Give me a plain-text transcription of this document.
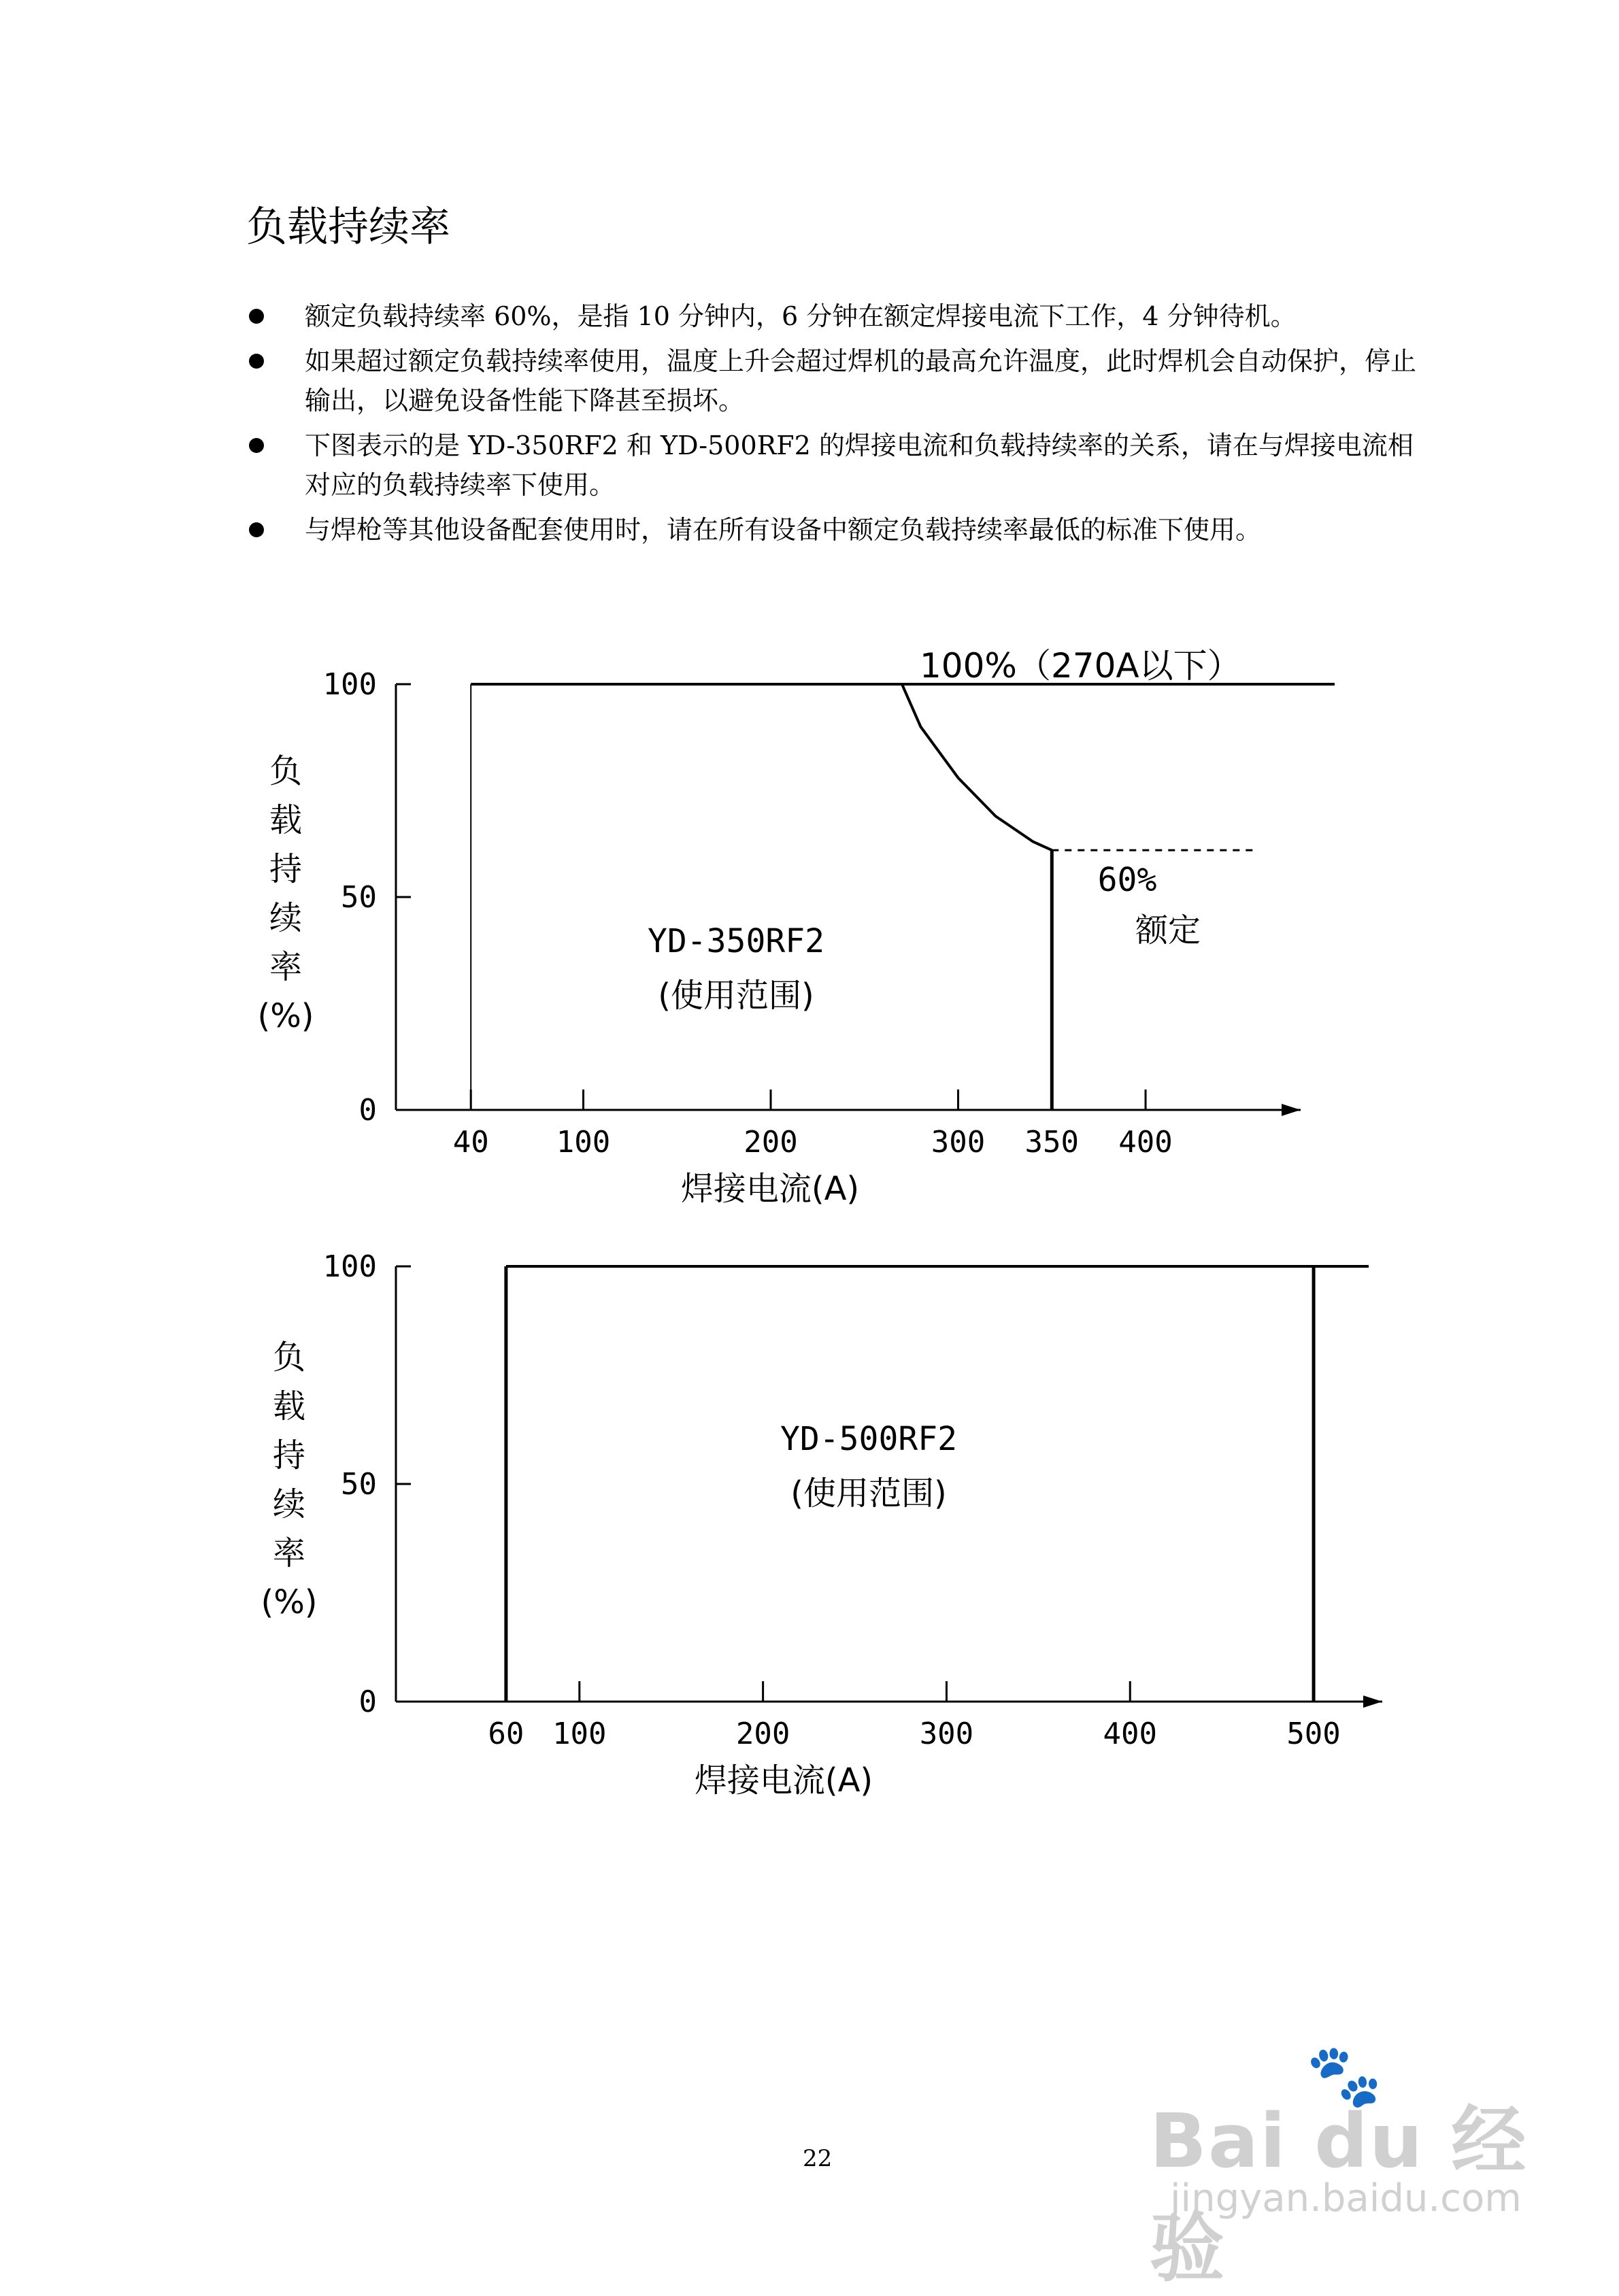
负载持续率
额定负载持续率 60%，是指 10 分钟内，6 分钟在额定焊接电流下工作，4 分钟待机。
如果超过额定负载持续率使用，温度上升会超过焊机的最高允许温度，此时焊机会自动保护，停止输出，以避免设备性能下降甚至损坏。
下图表示的是 YD-350RF2 和 YD-500RF2 的焊接电流和负载持续率的关系，请在与焊接电流相对应的负载持续率下使用。
与焊枪等其他设备配套使用时，请在所有设备中额定负载持续率最低的标准下使用。
0
50
100
40 100	200	300 350 400
负
载
持
续
率
(%)
焊接电流(A)
YD-350RF2
(使用范围)
100%（270A以下）
60%
额定
0
50
100
60 100	200	300	400	500
负
载
持
续
率
(%)
焊接电流(A)
YD-500RF2
(使用范围)
22
🐾
Bai du 经验
jingyan.baidu.com
